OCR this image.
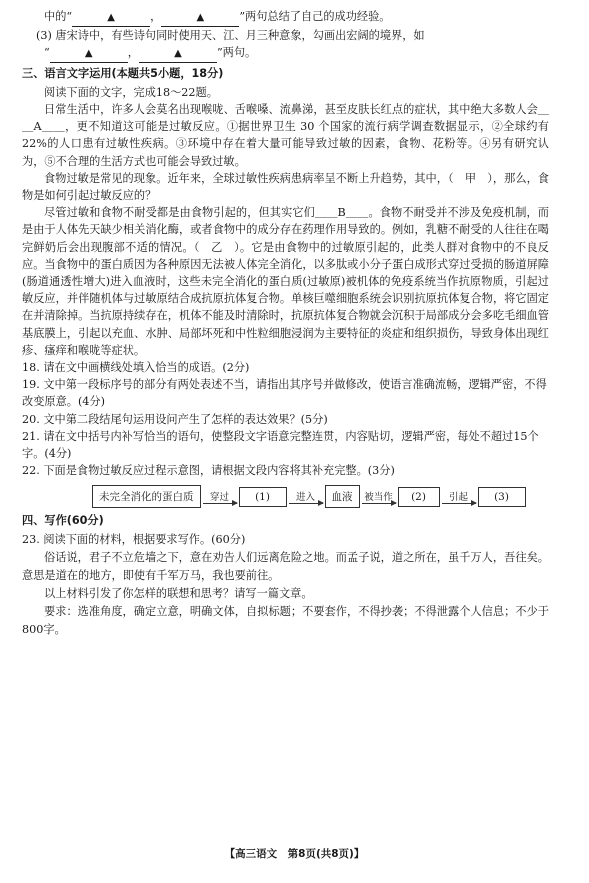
中的“	▲	，	▲	”两句总结了自己的成功经验。

(3) 唐宋诗中，有些诗句同时使用天、江、月三种意象，勾画出宏阔的境界，如

“	▲	，	▲	”两句。

三、语言文字运用(本题共5小题，18分)

阅读下面的文字，完成18～22题。

日常生活中，许多人会莫名出现喉咙、舌喉嗓、流鼻涕，甚至皮肤长红点的症状，其中绝大多数人会＿＿A＿＿，更不知道这可能是过敏反应。①据世界卫生 30 个国家的流行病学调查数据显示，②全球约有22%的人口患有过敏性疾病。③环境中存在着大量可能导致过敏的因素，食物、花粉等。④另有研究认为，⑤不合理的生活方式也可能会导致过敏。

食物过敏是常见的现象。近年来，全球过敏性疾病患病率呈不断上升趋势，其中，（　甲　），那么，食物是如何引起过敏反应的？

尽管过敏和食物不耐受都是由食物引起的，但其实它们＿＿B＿＿。食物不耐受并不涉及免疫机制，而是由于人体先天缺少相关消化酶，或者食物中的成分存在药理作用导致的。例如，乳糖不耐受的人往往在喝完鲜奶后会出现腹部不适的情况。（　乙　）。它是由食物中的过敏原引起的，此类人群对食物中的不良反应。当食物中的蛋白质因为各种原因无法被人体完全消化，以多肽或小分子蛋白成形式穿过受损的肠道屏障(肠道通透性增大)进入血液时，这些未完全消化的蛋白质(过敏原)被机体的免疫系统当作抗原物质，引起过敏反应，并伴随机体与过敏原结合成抗原抗体复合物。单核巨噬细胞系统会识别抗原抗体复合物，将它固定在并清除掉。当抗原持续存在，机体不能及时清除时，抗原抗体复合物就会沉积于局部成分会多吃毛细血管基底膜上，引起以充血、水肿、局部坏死和中性粒细胞浸润为主要特征的炎症和组织损伤，导致身体出现红疹、瘙痒和喉咙等症状。

18. 请在文中画横线处填入恰当的成语。(2分)

19. 文中第一段标序号的部分有两处表述不当，请指出其序号并做修改，使语言准确流畅，逻辑严密，不得改变原意。(4分)

20. 文中第二段结尾句运用设问产生了怎样的表达效果？(5分)

21. 请在文中括号内补写恰当的语句，使整段文字语意完整连贯，内容贴切，逻辑严密，每处不超过15个字。(4分)

22. 下面是食物过敏反应过程示意图，请根据文段内容将其补充完整。(3分)

未完全消化的蛋白质	穿过	(1)	进入	血液	被当作	(2)	引起	(3)
四、写作(60分)

23. 阅读下面的材料，根据要求写作。(60分)

俗话说，君子不立危墙之下，意在劝告人们远离危险之地。而孟子说，道之所在，虽千万人，吾往矣。意思是道在的地方，即使有千军万马，我也要前往。

以上材料引发了你怎样的联想和思考？请写一篇文章。

要求：选准角度，确定立意，明确文体，自拟标题；不要套作，不得抄袭；不得泄露个人信息；不少于800字。

【高三语文　第8页(共8页)】
